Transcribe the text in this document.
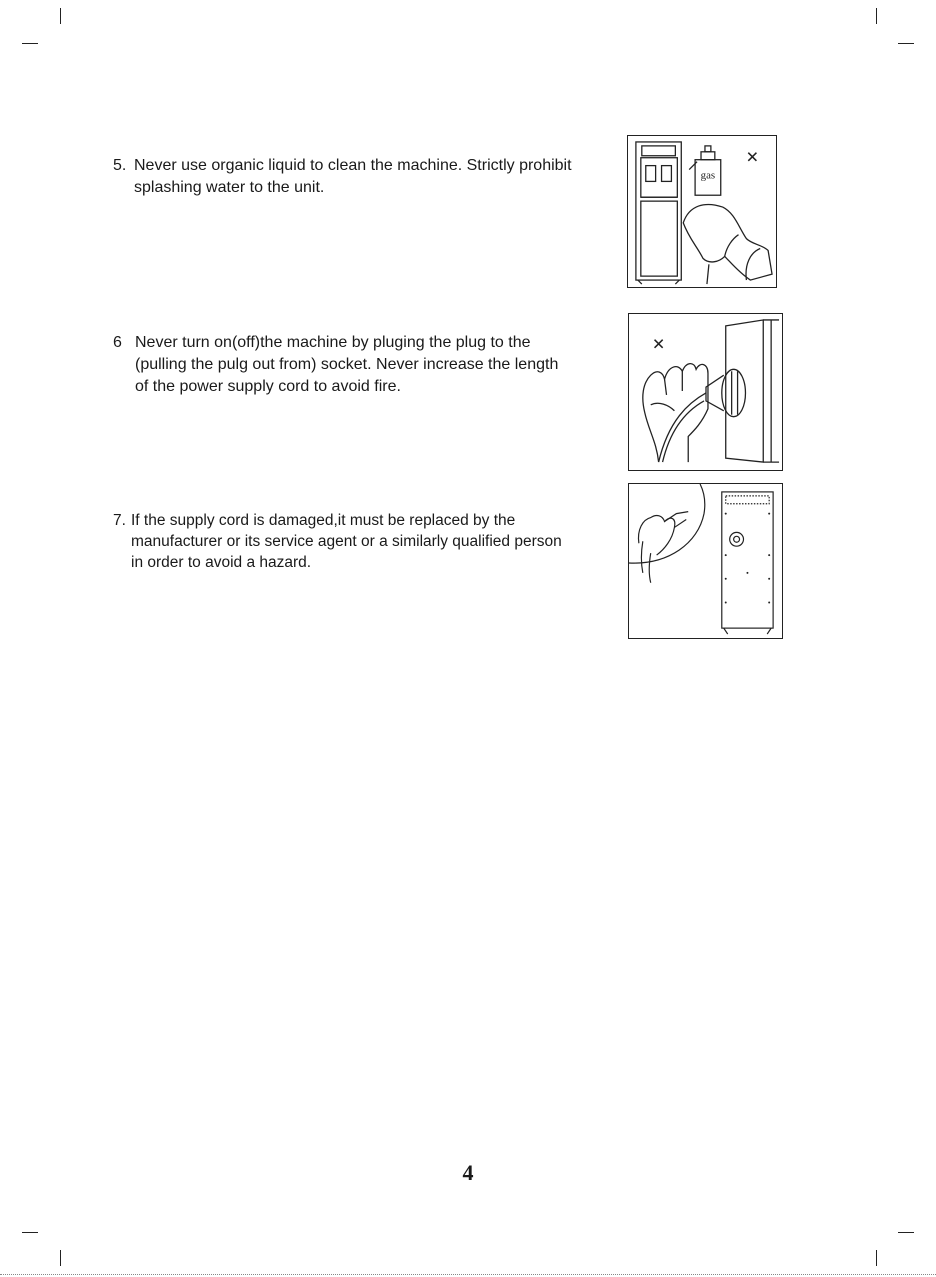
5. Never use organic liquid to clean the machine. Strictly prohibit
splashing water to the unit.
gas
✕
6 Never turn on(off)the machine by pluging the plug to the
(pulling the pulg out from) socket. Never increase the length
of the power supply cord to avoid fire.
✕
7. If the supply cord is damaged,it must be replaced by the
manufacturer or its service agent or a similarly qualified person
in order to avoid a hazard.
4
